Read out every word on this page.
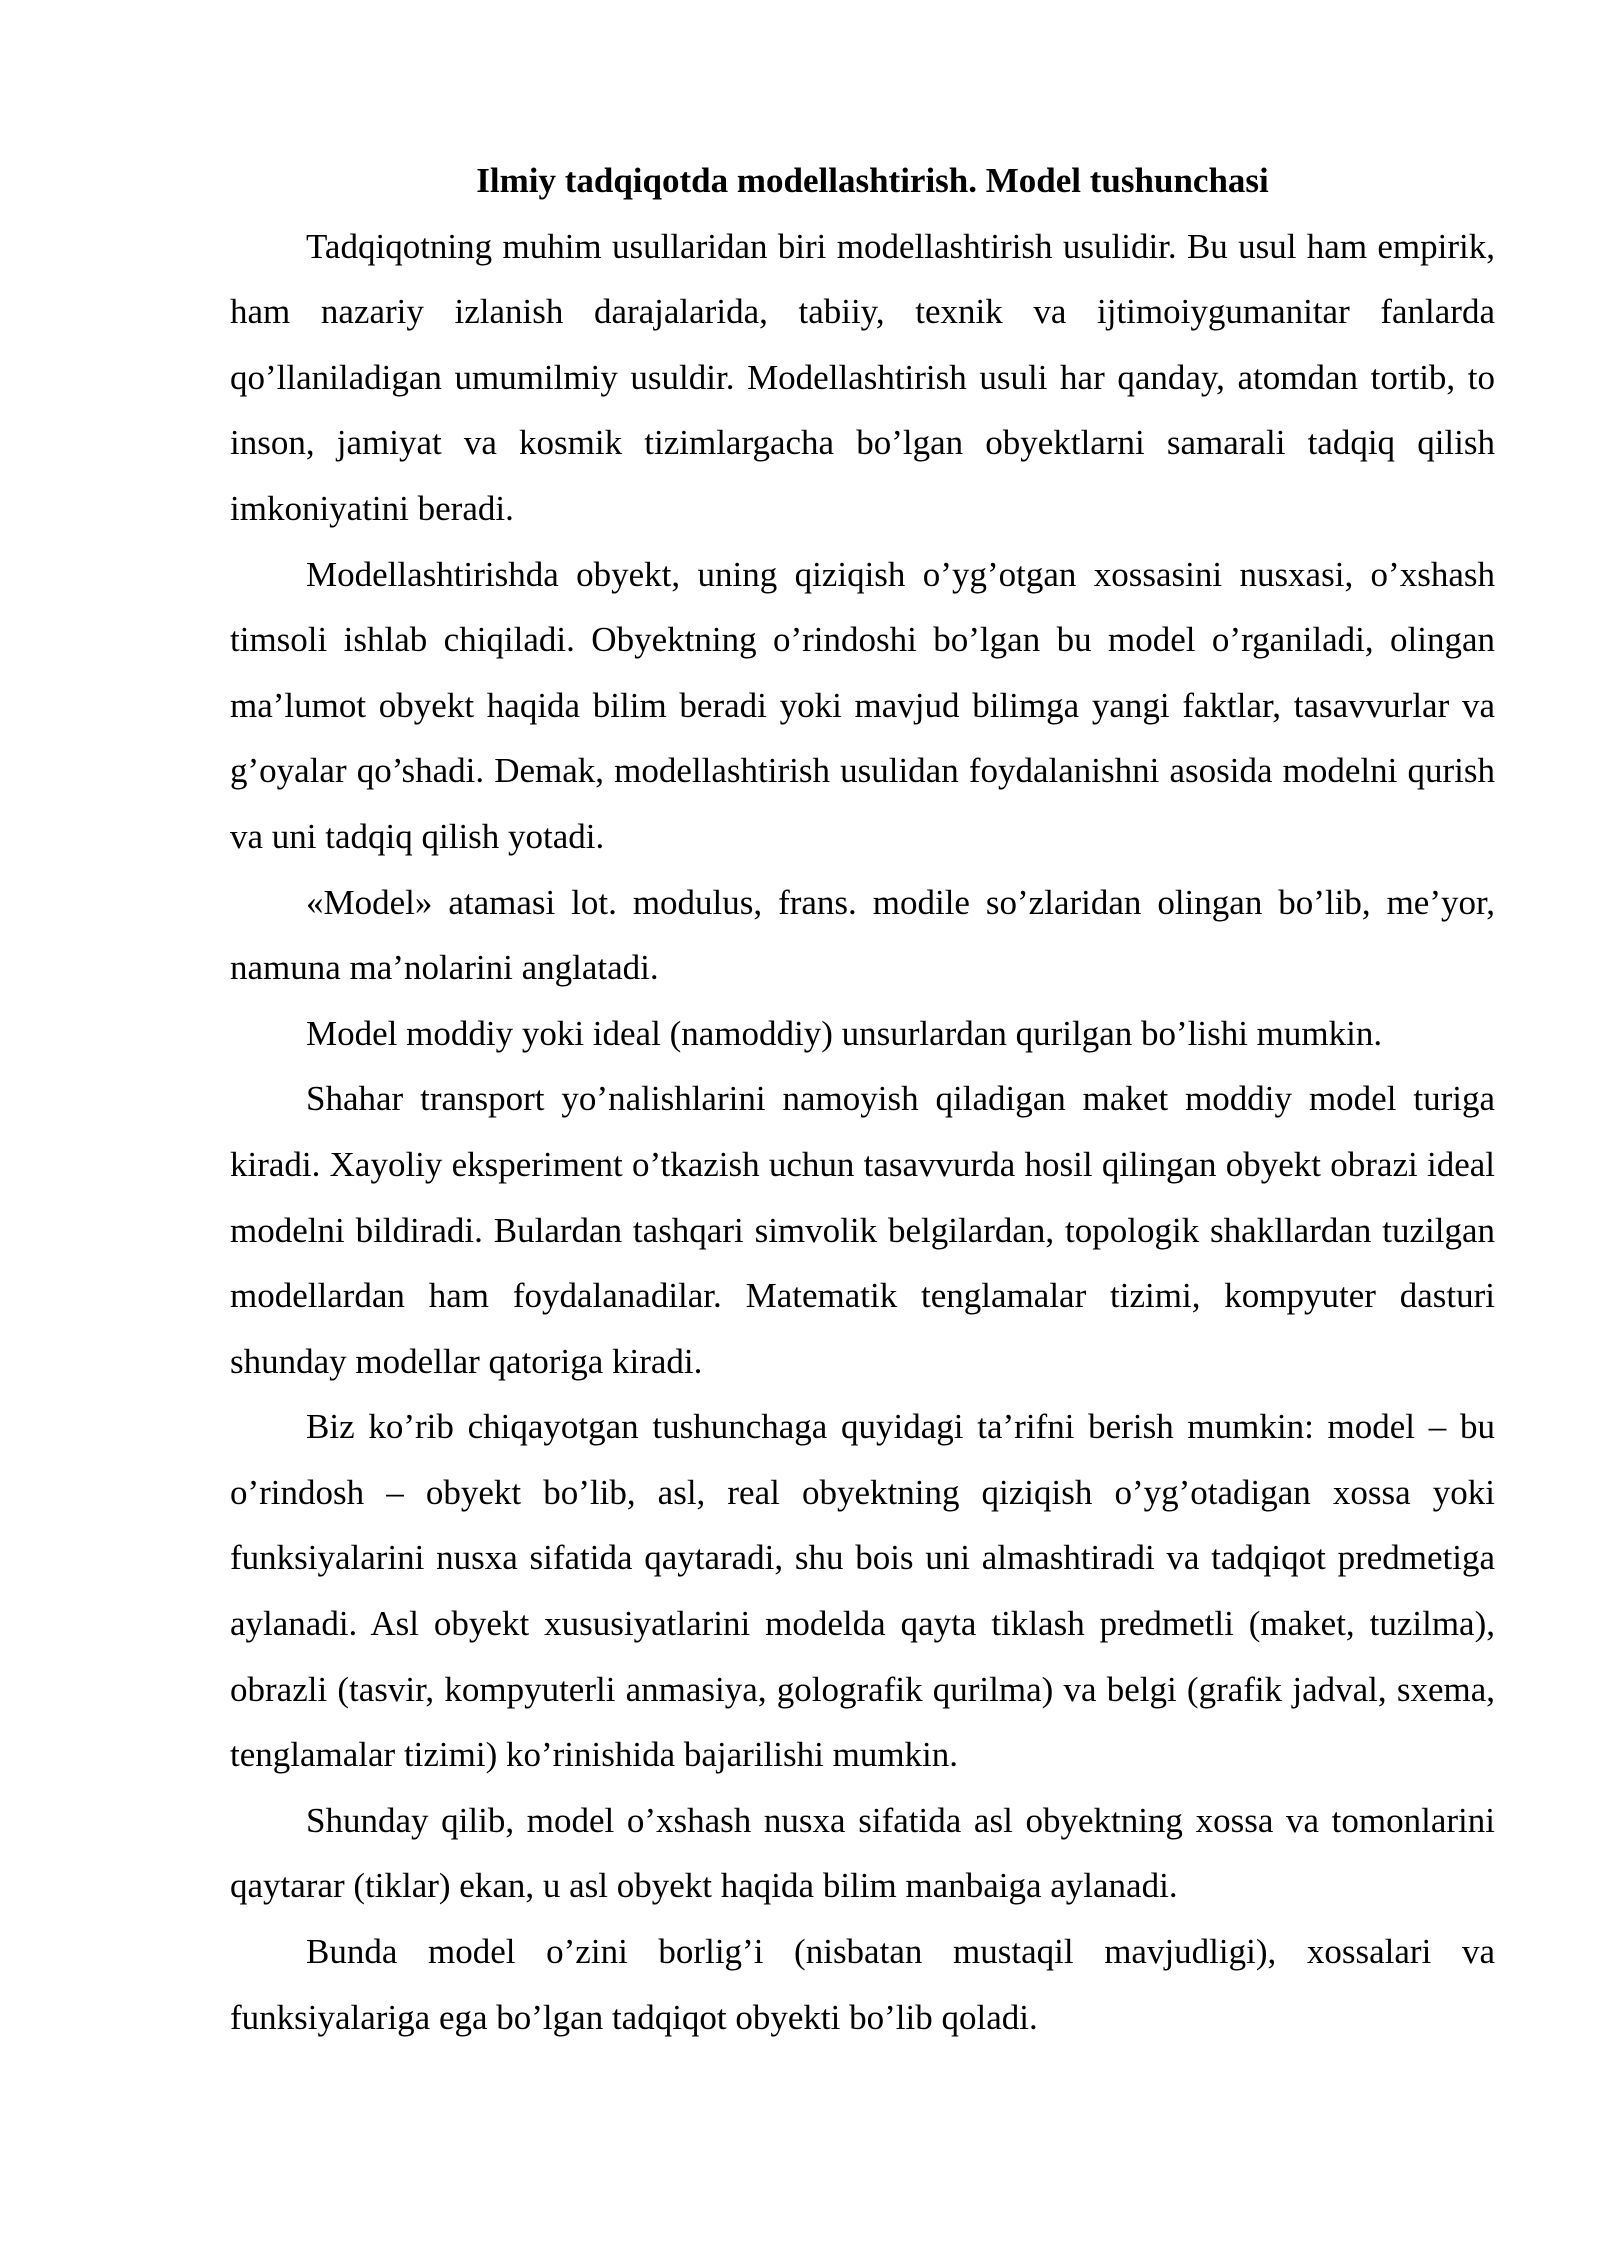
Ilmiy tadqiqotda modellashtirish. Model tushunchasi

Tadqiqotning muhim usullaridan biri modellashtirish usulidir. Bu usul ham empirik, ham nazariy izlanish darajalarida, tabiiy, texnik va ijtimoiygumanitar fanlarda qo’llaniladigan umumilmiy usuldir. Modellashtirish usuli har qanday, atomdan tortib, to inson, jamiyat va kosmik tizimlargacha bo’lgan obyektlarni samarali tadqiq qilish imkoniyatini beradi.

Modellashtirishda obyekt, uning qiziqish o’yg’otgan xossasini nusxasi, o’xshash timsoli ishlab chiqiladi. Obyektning o’rindoshi bo’lgan bu model o’rganiladi, olingan ma’lumot obyekt haqida bilim beradi yoki mavjud bilimga yangi faktlar, tasavvurlar va g’oyalar qo’shadi. Demak, modellashtirish usulidan foydalanishni asosida modelni qurish va uni tadqiq qilish yotadi.

«Model» atamasi lot. modulus, frans. modile so’zlaridan olingan bo’lib, me’yor, namuna ma’nolarini anglatadi.

Model moddiy yoki ideal (namoddiy) unsurlardan qurilgan bo’lishi mumkin.

Shahar transport yo’nalishlarini namoyish qiladigan maket moddiy model turiga kiradi. Xayoliy eksperiment o’tkazish uchun tasavvurda hosil qilingan obyekt obrazi ideal modelni bildiradi. Bulardan tashqari simvolik belgilardan, topologik shakllardan tuzilgan modellardan ham foydalanadilar. Matematik tenglamalar tizimi, kompyuter dasturi shunday modellar qatoriga kiradi.

Biz ko’rib chiqayotgan tushunchaga quyidagi ta’rifni berish mumkin: model – bu o’rindosh – obyekt bo’lib, asl, real obyektning qiziqish o’yg’otadigan xossa yoki funksiyalarini nusxa sifatida qaytaradi, shu bois uni almashtiradi va tadqiqot predmetiga aylanadi. Asl obyekt xususiyatlarini modelda qayta tiklash predmetli (maket, tuzilma), obrazli (tasvir, kompyuterli anmasiya, golografik qurilma) va belgi (grafik jadval, sxema, tenglamalar tizimi) ko’rinishida bajarilishi mumkin.

Shunday qilib, model o’xshash nusxa sifatida asl obyektning xossa va tomonlarini qaytarar (tiklar) ekan, u asl obyekt haqida bilim manbaiga aylanadi.

Bunda model o’zini borlig’i (nisbatan mustaqil mavjudligi), xossalari va funksiyalariga ega bo’lgan tadqiqot obyekti bo’lib qoladi.
